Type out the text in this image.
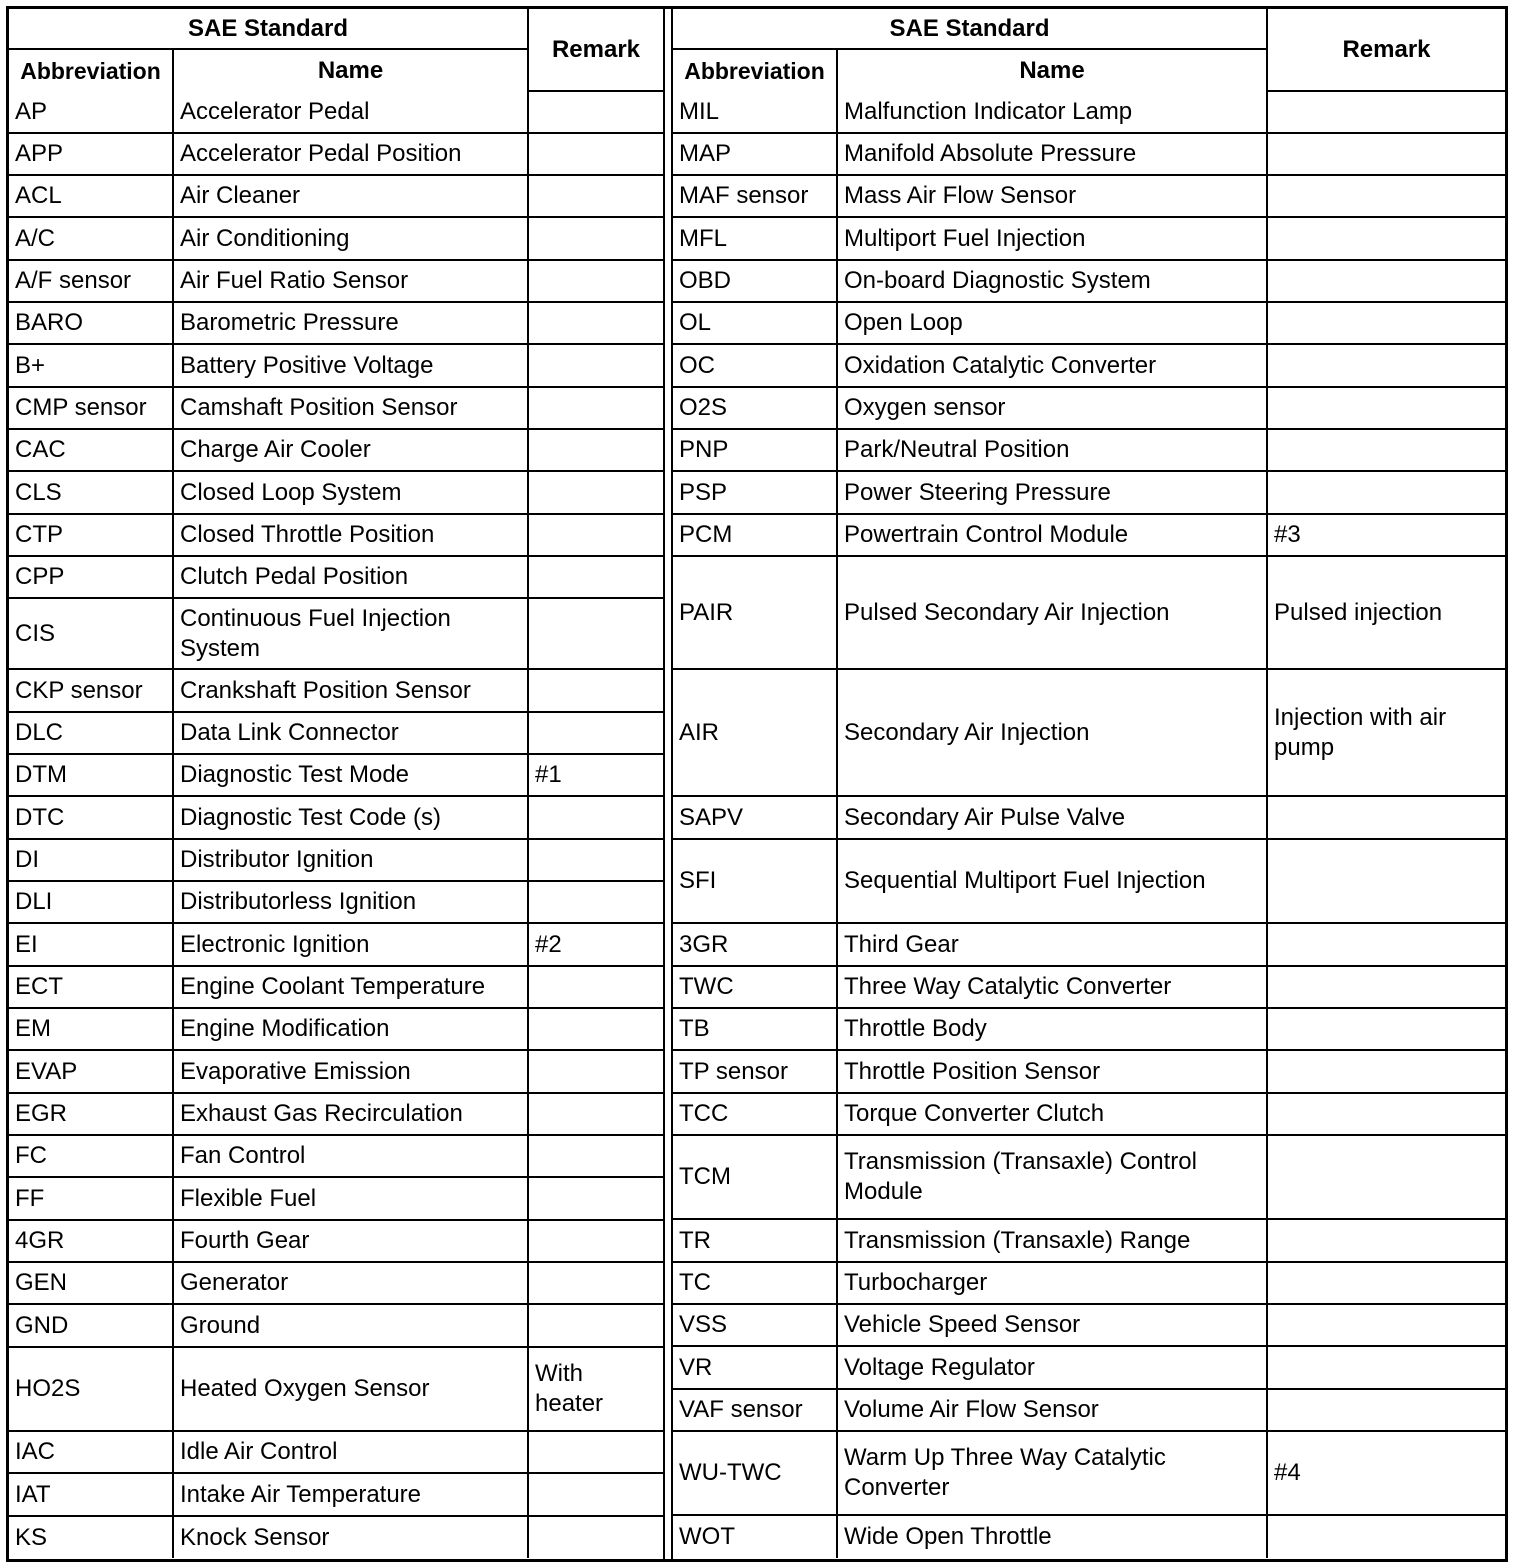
SAE Standard		Remark
Abbreviation	Name	
AP	Accelerator Pedal	
APP	Accelerator Pedal Position	
ACL	Air Cleaner	
A/C	Air Conditioning	
A/F sensor	Air Fuel Ratio Sensor	
BARO	Barometric Pressure	
B+	Battery Positive Voltage	
CMP sensor	Camshaft Position Sensor	
CAC	Charge Air Cooler	
CLS	Closed Loop System	
CTP	Closed Throttle Position	
CPP	Clutch Pedal Position	
CIS	Continuous Fuel Injection System	
CKP sensor	Crankshaft Position Sensor	
DLC	Data Link Connector	
DTM	Diagnostic Test Mode	#1
DTC	Diagnostic Test Code (s)	
DI	Distributor Ignition	
DLI	Distributorless Ignition	
EI	Electronic Ignition	#2
ECT	Engine Coolant Temperature	
EM	Engine Modification	
EVAP	Evaporative Emission	
EGR	Exhaust Gas Recirculation	
FC	Fan Control	
FF	Flexible Fuel	
4GR	Fourth Gear	
GEN	Generator	
GND	Ground	
HO2S	Heated Oxygen Sensor	With heater
IAC	Idle Air Control	
IAT	Intake Air Temperature	
KS	Knock Sensor	
SAE Standard		Remark
Abbreviation	Name	
MIL	Malfunction Indicator Lamp	
MAP	Manifold Absolute Pressure	
MAF sensor	Mass Air Flow Sensor	
MFL	Multiport Fuel Injection	
OBD	On-board Diagnostic System	
OL	Open Loop	
OC	Oxidation Catalytic Converter	
O2S	Oxygen sensor	
PNP	Park/Neutral Position	
PSP	Power Steering Pressure	
PCM	Powertrain Control Module	#3
PAIR	Pulsed Secondary Air Injection	Pulsed injection
AIR	Secondary Air Injection	Injection with air pump
SAPV	Secondary Air Pulse Valve	
SFI	Sequential Multiport Fuel Injection	
3GR	Third Gear	
TWC	Three Way Catalytic Converter	
TB	Throttle Body	
TP sensor	Throttle Position Sensor	
TCC	Torque Converter Clutch	
TCM	Transmission (Transaxle) Control Module	
TR	Transmission (Transaxle) Range	
TC	Turbocharger	
VSS	Vehicle Speed Sensor	
VR	Voltage Regulator	
VAF sensor	Volume Air Flow Sensor	
WU-TWC	Warm Up Three Way Catalytic Converter	#4
WOT	Wide Open Throttle	
